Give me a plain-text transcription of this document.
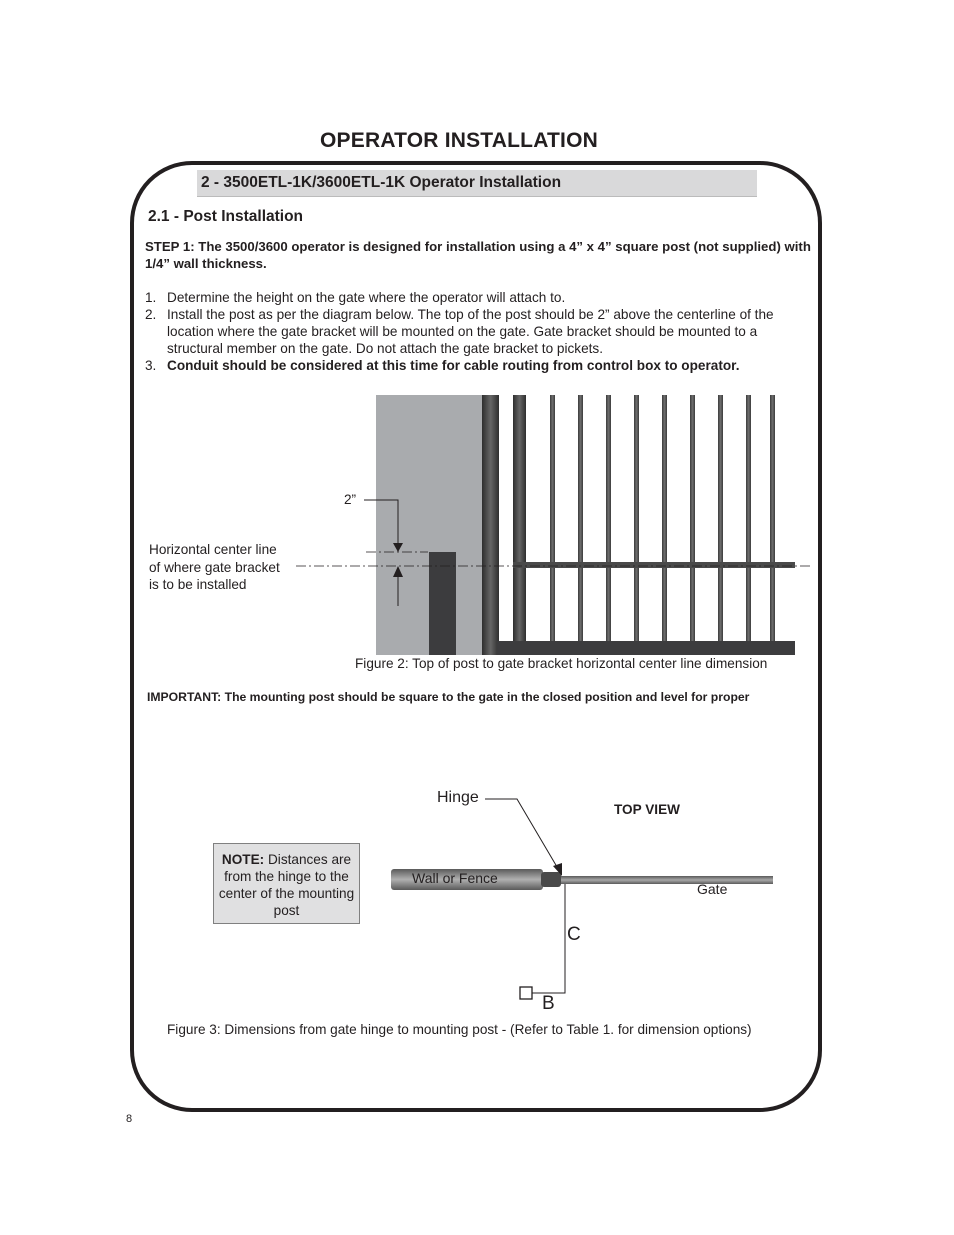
OPERATOR INSTALLATION
2 - 3500ETL-1K/3600ETL-1K Operator Installation
2.1 - Post Installation
STEP 1: The 3500/3600 operator is designed for installation using a 4” x 4” square post (not supplied) with 1/4” wall thickness.
1. Determine the height on the gate where the operator will attach to.
2. Install the post as per the diagram below. The top of the post should be 2” above the centerline of the location where the gate bracket will be mounted on the gate. Gate bracket should be mounted to a structural member on the gate. Do not attach the gate bracket to pickets.
3. Conduit should be considered at this time for cable routing from control box to operator.
2”
Horizontal center line
of where gate bracket
is to be installed
Figure 2: Top of post to gate bracket horizontal center line dimension
IMPORTANT: The mounting post should be square to the gate in the closed position and level for proper
NOTE: Distances are from the hinge to the center of the mounting post
TOP VIEW
Hinge
Wall or Fence
Gate
C
B
Figure 3: Dimensions from gate hinge to mounting post - (Refer to Table 1. for dimension options)
8
